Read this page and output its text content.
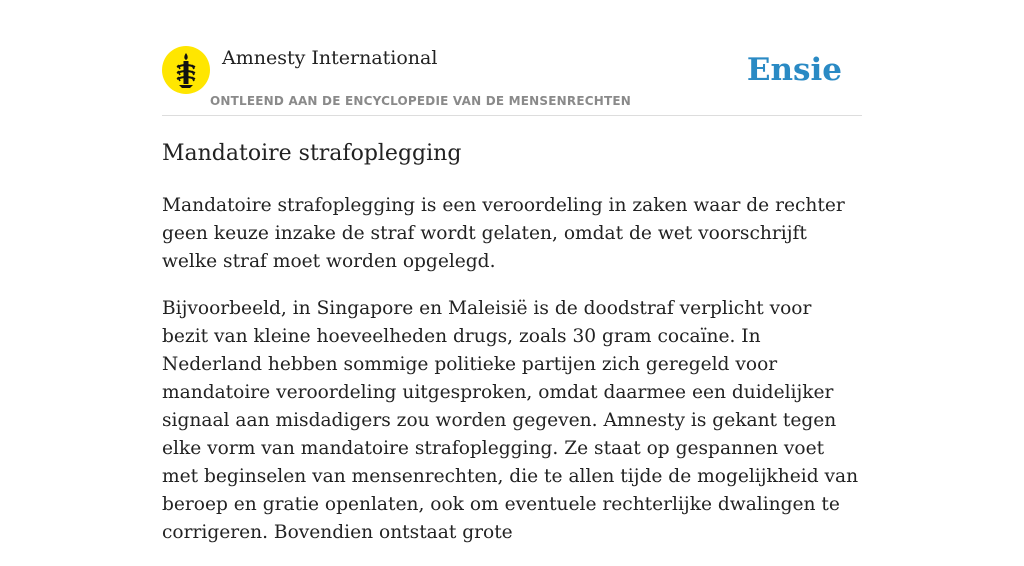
Amnesty International
ONTLEEND AAN DE ENCYCLOPEDIE VAN DE MENSENRECHTEN
Ensie
Mandatoire strafoplegging

Mandatoire strafoplegging is een veroordeling in zaken waar de rechter geen keuze inzake de straf wordt gelaten, omdat de wet voorschrijft welke straf moet worden opgelegd.

Bijvoorbeeld, in Singapore en Maleisië is de doodstraf verplicht voor bezit van kleine hoeveelheden drugs, zoals 30 gram cocaïne. In Nederland hebben sommige politieke partijen zich geregeld voor mandatoire veroordeling uitgesproken, omdat daarmee een duidelijker signaal aan misdadigers zou worden gegeven. Amnesty is gekant tegen elke vorm van mandatoire strafoplegging. Ze staat op gespannen voet met beginselen van mensenrechten, die te allen tijde de mogelijkheid van beroep en gratie openlaten, ook om eventuele rechterlijke dwalingen te corrigeren. Bovendien ontstaat grote
